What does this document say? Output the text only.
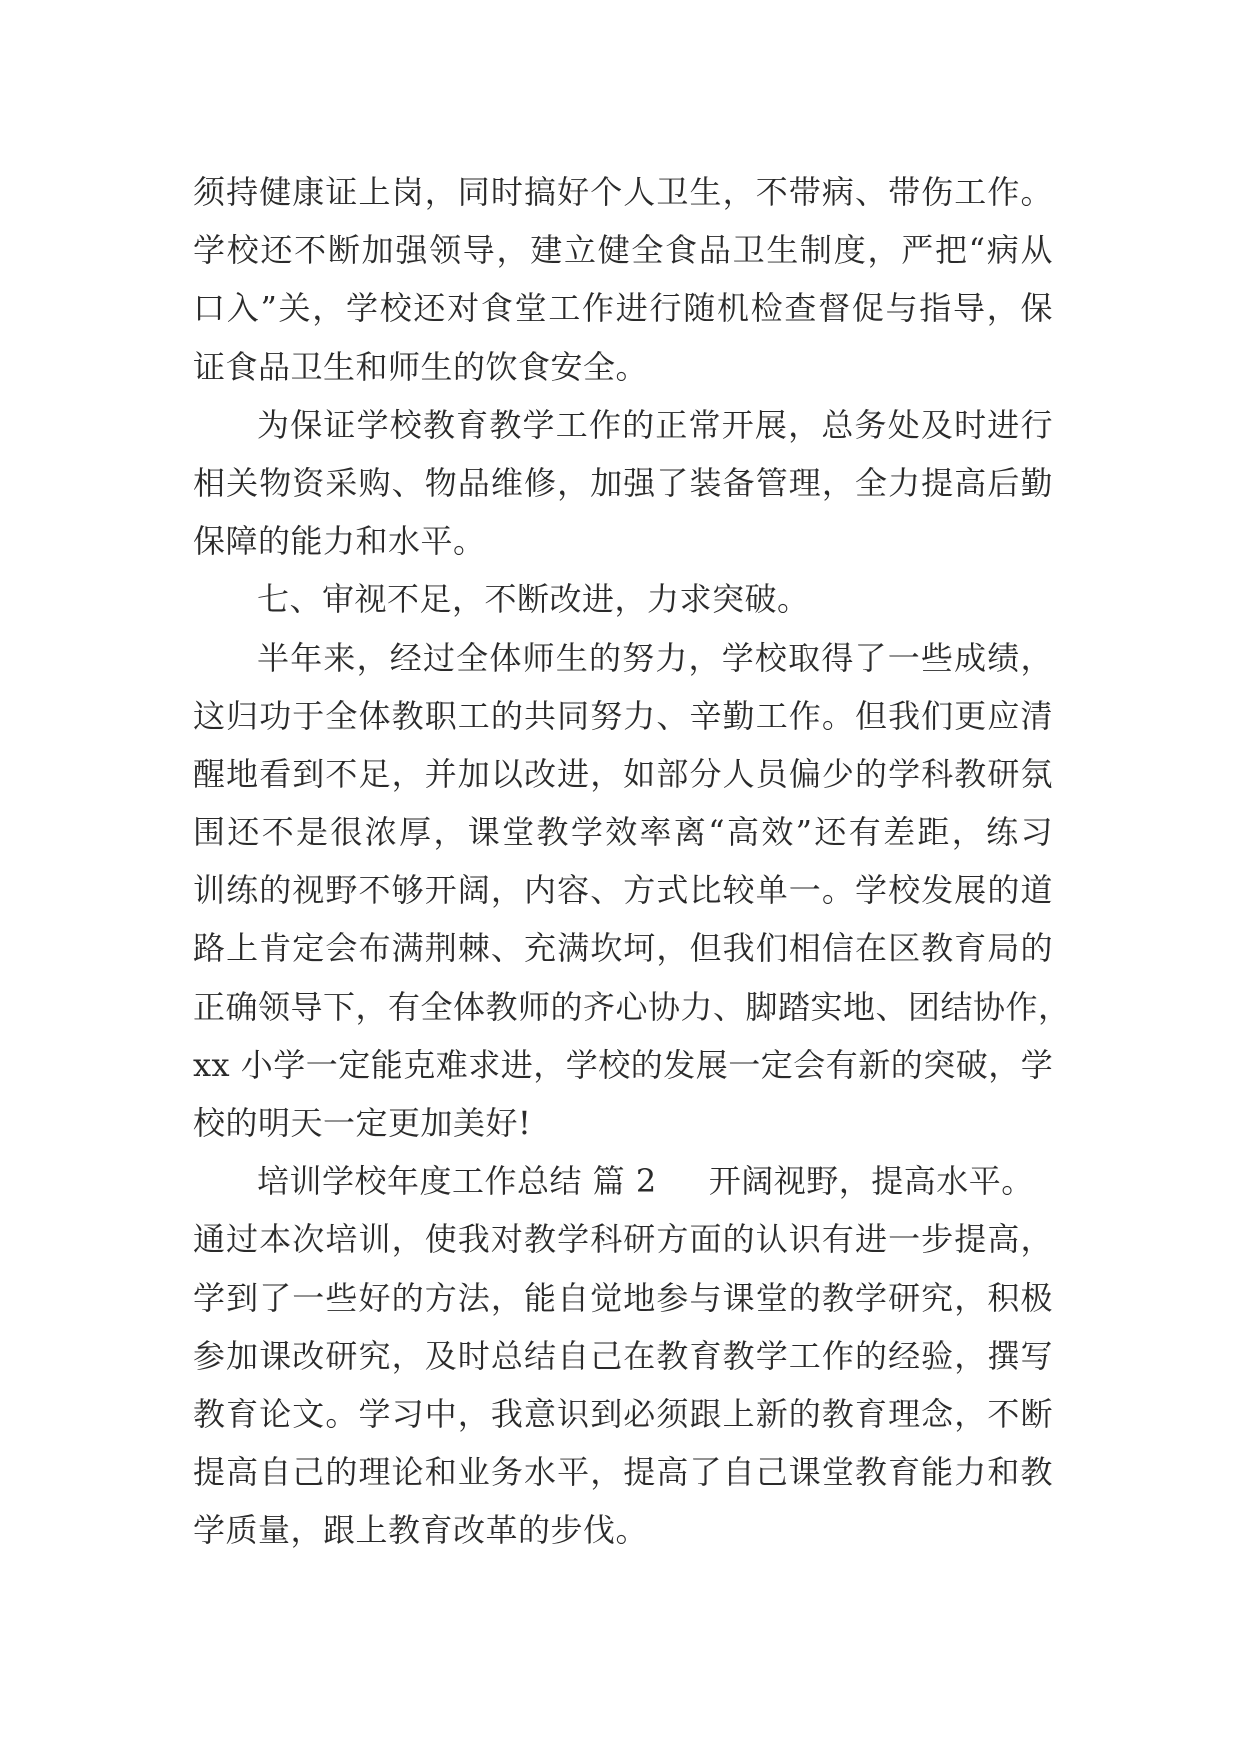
须持健康证上岗，同时搞好个人卫生，不带病、带伤工作。
学校还不断加强领导，建立健全食品卫生制度，严把“病从
口入”关，学校还对食堂工作进行随机检查督促与指导，保
证食品卫生和师生的饮食安全。
为保证学校教育教学工作的正常开展，总务处及时进行
相关物资采购、物品维修，加强了装备管理，全力提高后勤
保障的能力和水平。
七、审视不足，不断改进，力求突破。
半年来，经过全体师生的努力，学校取得了一些成绩，
这归功于全体教职工的共同努力、辛勤工作。但我们更应清
醒地看到不足，并加以改进，如部分人员偏少的学科教研氛
围还不是很浓厚，课堂教学效率离“高效”还有差距，练习
训练的视野不够开阔，内容、方式比较单一。学校发展的道
路上肯定会布满荆棘、充满坎坷，但我们相信在区教育局的
正确领导下，有全体教师的齐心协力、脚踏实地、团结协作，
xx 小学一定能克难求进，学校的发展一定会有新的突破，学
校的明天一定更加美好!
培训学校年度工作总结 篇 2 开阔视野，提高水平。
通过本次培训，使我对教学科研方面的认识有进一步提高，
学到了一些好的方法，能自觉地参与课堂的教学研究，积极
参加课改研究，及时总结自己在教育教学工作的经验，撰写
教育论文。学习中，我意识到必须跟上新的教育理念，不断
提高自己的理论和业务水平，提高了自己课堂教育能力和教
学质量，跟上教育改革的步伐。
